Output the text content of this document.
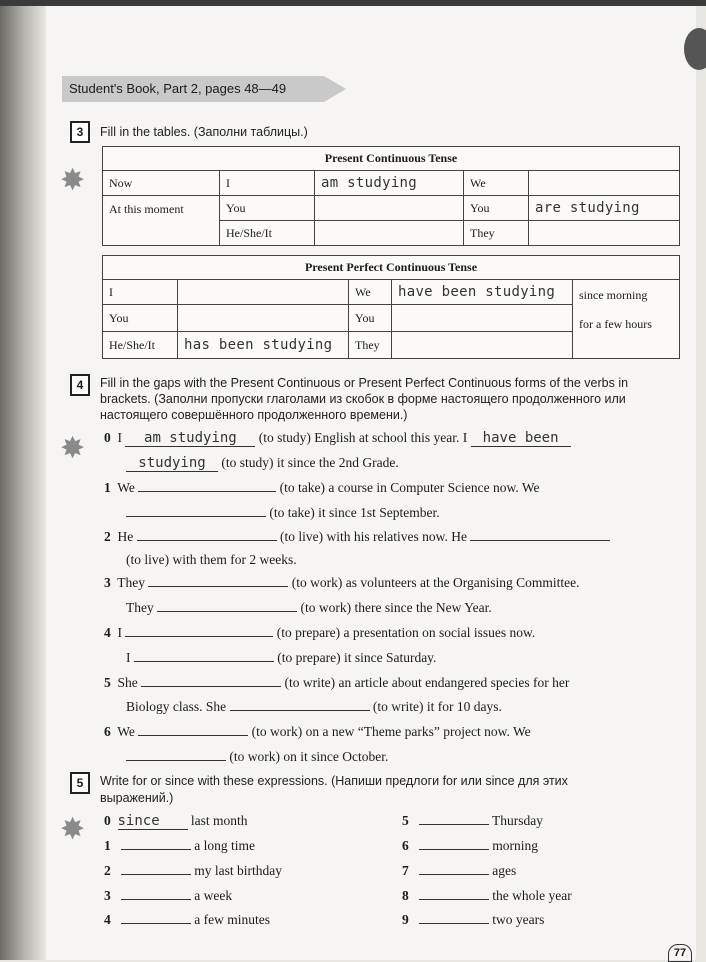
Student's Book, Part 2, pages 48—49
3	Fill in the tables. (Заполни таблицы.)
✸
Present Continuous Tense				
Now	I	am studying	We	
At this moment	You		You	are studying
	He/She/It		They	
Present Perfect Continuous Tense				
I		We	have been studying	since morning
for a few hours
You		You		
He/She/It	has been studying	They		
4	Fill in the gaps with the Present Continuous or Present Perfect Continuous forms of the verbs in brackets. (Заполни пропуски глаголами из скобок в форме настоящего продолженного или настоящего совершённого продолженного времени.)
✸ 0 I am studying (to study) English at school this year. I have been
studying (to study) it since the 2nd Grade.
1 We	(to take) a course in Computer Science now. We
(to take) it since 1st September.
2 He	(to live) with his relatives now. He
(to live) with them for 2 weeks.
3 They	(to work) as volunteers at the Organising Committee.
They	(to work) there since the New Year.
4 I	(to prepare) a presentation on social issues now.
I	(to prepare) it since Saturday.
5 She	(to write) an article about endangered species for her
Biology class. She	(to write) it for 10 days.
6 We	(to work) on a new “Theme parks” project now. We
(to work) on it since October.
5	Write for or since with these expressions. (Напиши предлоги for или since для этих
выражений.)
✸ 0 since last month
1	a long time
2	my last birthday
3	a week
4	a few minutes
5	Thursday
6	morning
7	ages
8	the whole year
9	two years
77
